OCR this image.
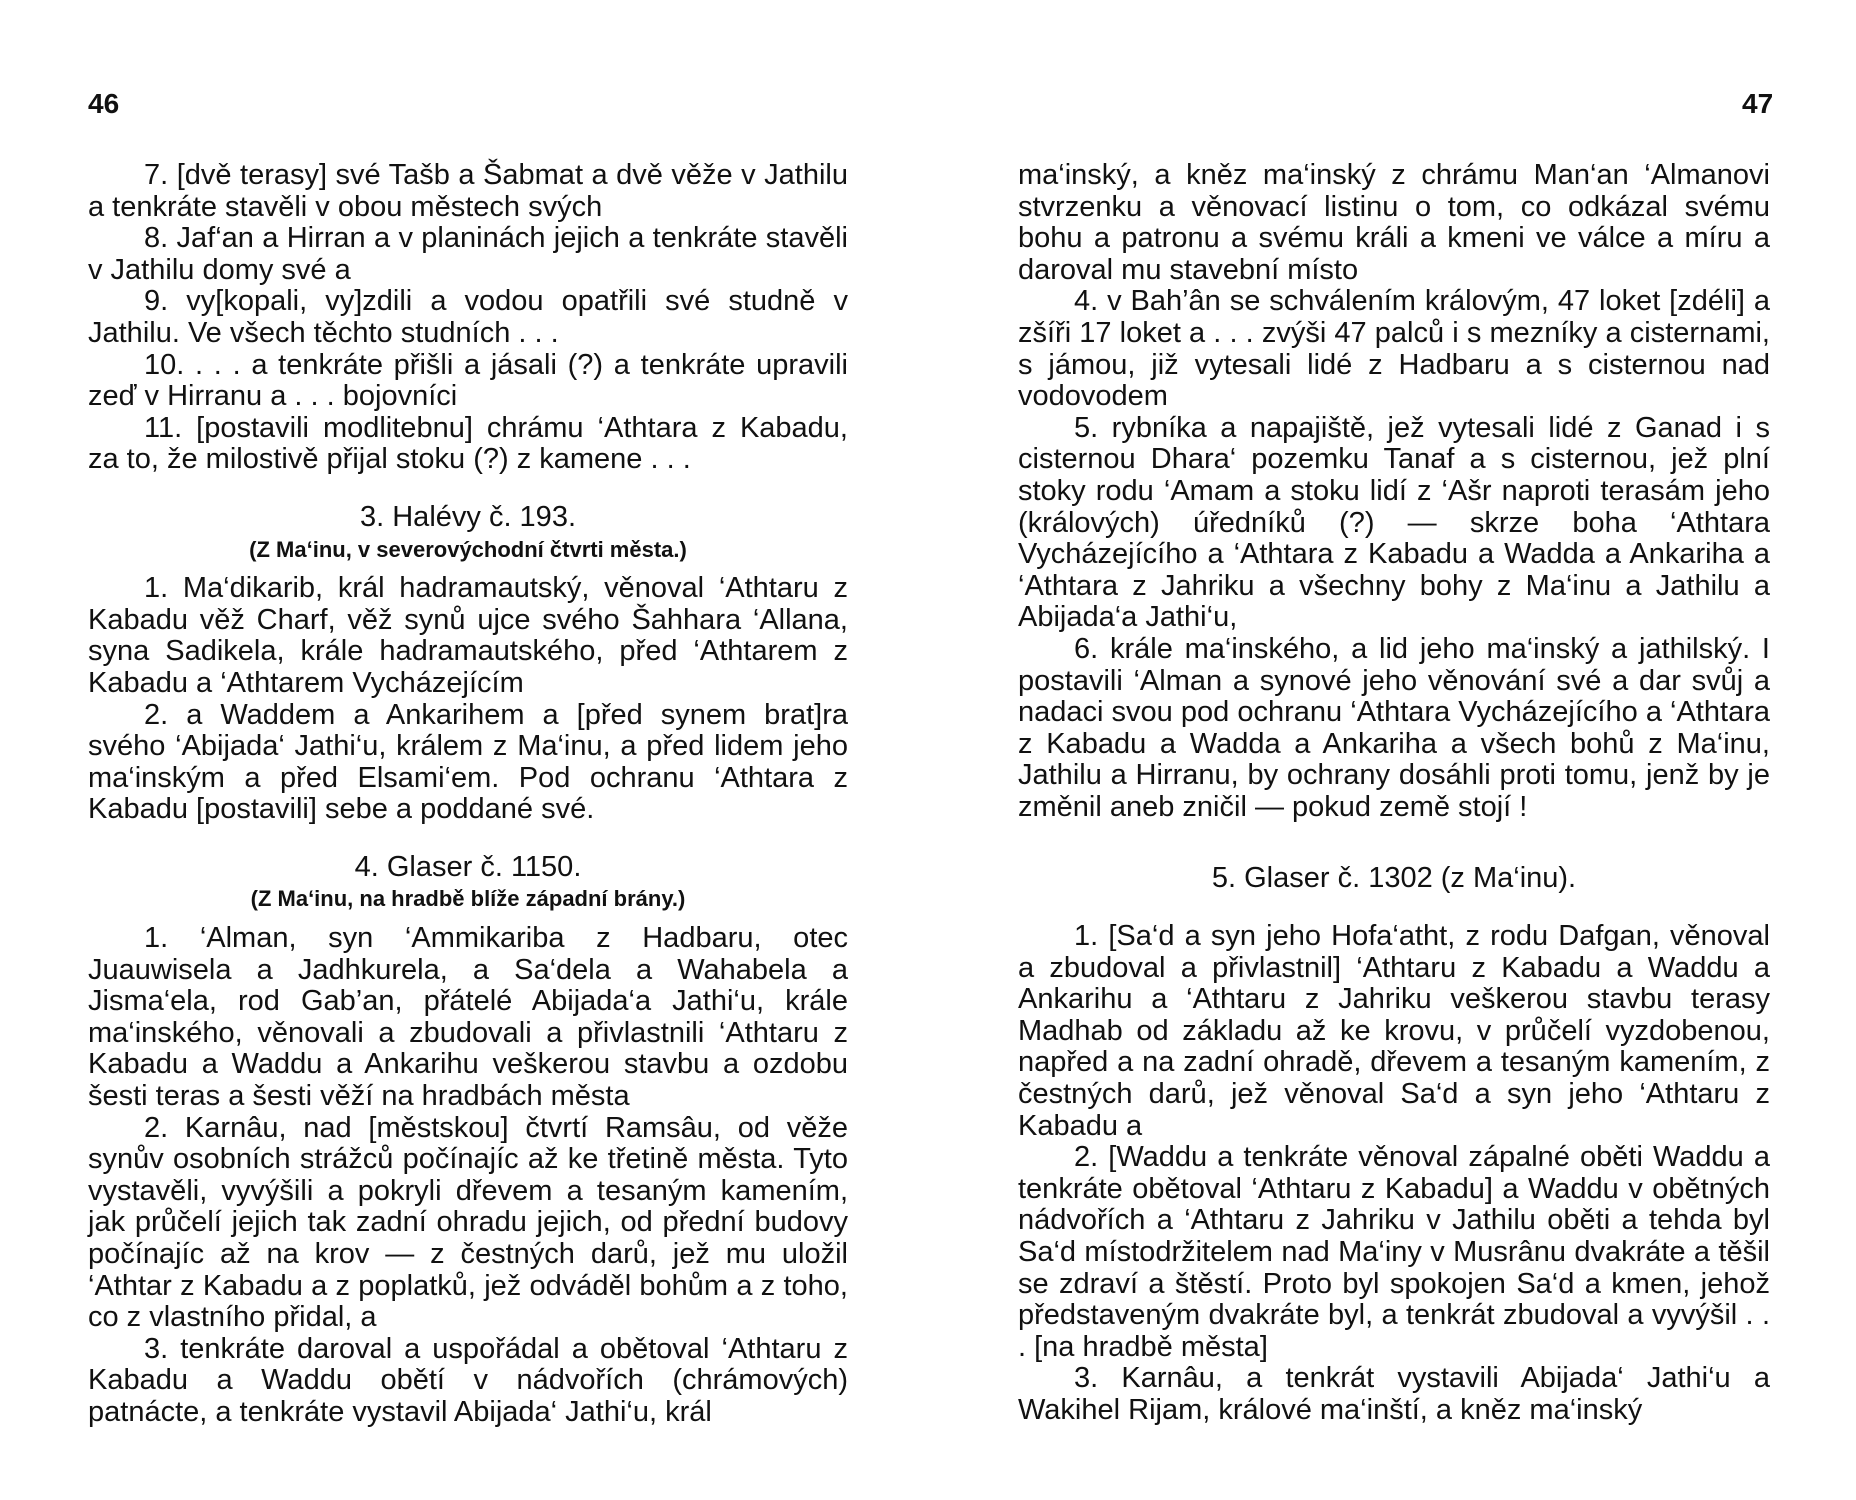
46	47

7. [dvě terasy] své Tašb a Šabmat a dvě věže v Jathilu a tenkráte stavěli v obou městech svých

8. Jaf‘an a Hirran a v planinách jejich a tenkráte stavěli v Jathilu domy své a

9. vy[kopali, vy]zdili a vodou opatřili své studně v Jathilu. Ve všech těchto studních . . .

10. . . . a tenkráte přišli a jásali (?) a tenkráte upravili zeď v Hirranu a . . . bojovníci

11. [postavili modlitebnu] chrámu ‘Athtara z Kabadu, za to, že milostivě přijal stoku (?) z kamene . . .

3. Halévy č. 193.
(Z Ma‘inu, v severovýchodní čtvrti města.)

1. Ma‘dikarib, král hadramautský, věnoval ‘Athtaru z Kabadu věž Charf, věž synů ujce svého Šahhara ‘Allana, syna Sadikela, krále hadramautského, před ‘Athtarem z Kabadu a ‘Athtarem Vycházejícím

2. a Waddem a Ankarihem a [před synem brat]ra svého ‘Abijada‘ Jathi‘u, králem z Ma‘inu, a před lidem jeho ma‘inským a před Elsami‘em. Pod ochranu ‘Athtara z Kabadu [postavili] sebe a poddané své.

4. Glaser č. 1150.
(Z Ma‘inu, na hradbě blíže západní brány.)

1. ‘Alman, syn ‘Ammikariba z Hadbaru, otec Juauwisela a Jadhkurela, a Sa‘dela a Wahabela a Jisma‘ela, rod Gab’an, přátelé Abijada‘a Jathi‘u, krále ma‘inského, věnovali a zbudovali a přivlastnili ‘Athtaru z Kabadu a Waddu a Ankarihu veškerou stavbu a ozdobu šesti teras a šesti věží na hradbách města

2. Karnâu, nad [městskou] čtvrtí Ramsâu, od věže synův osobních strážců počínajíc až ke třetině města. Tyto vystavěli, vyvýšili a pokryli dřevem a tesaným kamením, jak průčelí jejich tak zadní ohradu jejich, od přední budovy počínajíc až na krov — z čestných darů, jež mu uložil ‘Athtar z Kabadu a z poplatků, jež odváděl bohům a z toho, co z vlastního přidal, a

3. tenkráte daroval a uspořádal a obětoval ‘Athtaru z Kabadu a Waddu obětí v nádvořích (chrámových) patnácte, a tenkráte vystavil Abijada‘ Jathi‘u, král

ma‘inský, a kněz ma‘inský z chrámu Man‘an ‘Almanovi stvrzenku a věnovací listinu o tom, co odkázal svému bohu a patronu a svému králi a kmeni ve válce a míru a daroval mu stavební místo

4. v Bah’ân se schválením královým, 47 loket [zdéli] a zšíři 17 loket a . . . zvýši 47 palců i s mezníky a cisternami, s jámou, již vytesali lidé z Hadbaru a s cisternou nad vodovodem

5. rybníka a napajiště, jež vytesali lidé z Ganad i s cisternou Dhara‘ pozemku Tanaf a s cisternou, jež plní stoky rodu ‘Amam a stoku lidí z ‘Ašr naproti terasám jeho (králových) úředníků (?) — skrze boha ‘Athtara Vycházejícího a ‘Athtara z Kabadu a Wadda a Ankariha a ‘Athtara z Jahriku a všechny bohy z Ma‘inu a Jathilu a Abijada‘a Jathi‘u,

6. krále ma‘inského, a lid jeho ma‘inský a jathilský. I postavili ‘Alman a synové jeho věnování své a dar svůj a nadaci svou pod ochranu ‘Athtara Vycházejícího a ‘Athtara z Kabadu a Wadda a Ankariha a všech bohů z Ma‘inu, Jathilu a Hirranu, by ochrany dosáhli proti tomu, jenž by je změnil aneb zničil — pokud země stojí !

5. Glaser č. 1302 (z Ma‘inu).

1. [Sa‘d a syn jeho Hofa‘atht, z rodu Dafgan, věnoval a zbudoval a přivlastnil] ‘Athtaru z Kabadu a Waddu a Ankarihu a ‘Athtaru z Jahriku veškerou stavbu terasy Madhab od základu až ke krovu, v průčelí vyzdobenou, napřed a na zadní ohradě, dřevem a tesaným kamením, z čestných darů, jež věnoval Sa‘d a syn jeho ‘Athtaru z Kabadu a

2. [Waddu a tenkráte věnoval zápalné oběti Waddu a tenkráte obětoval ‘Athtaru z Kabadu] a Waddu v obětných nádvořích a ‘Athtaru z Jahriku v Jathilu oběti a tehda byl Sa‘d místodržitelem nad Ma‘iny v Musrânu dvakráte a těšil se zdraví a štěstí. Proto byl spokojen Sa‘d a kmen, jehož představeným dvakráte byl, a tenkrát zbudoval a vyvýšil . . . [na hradbě města]

3. Karnâu, a tenkrát vystavili Abijada‘ Jathi‘u a Wakihel Rijam, králové ma‘inští, a kněz ma‘inský
